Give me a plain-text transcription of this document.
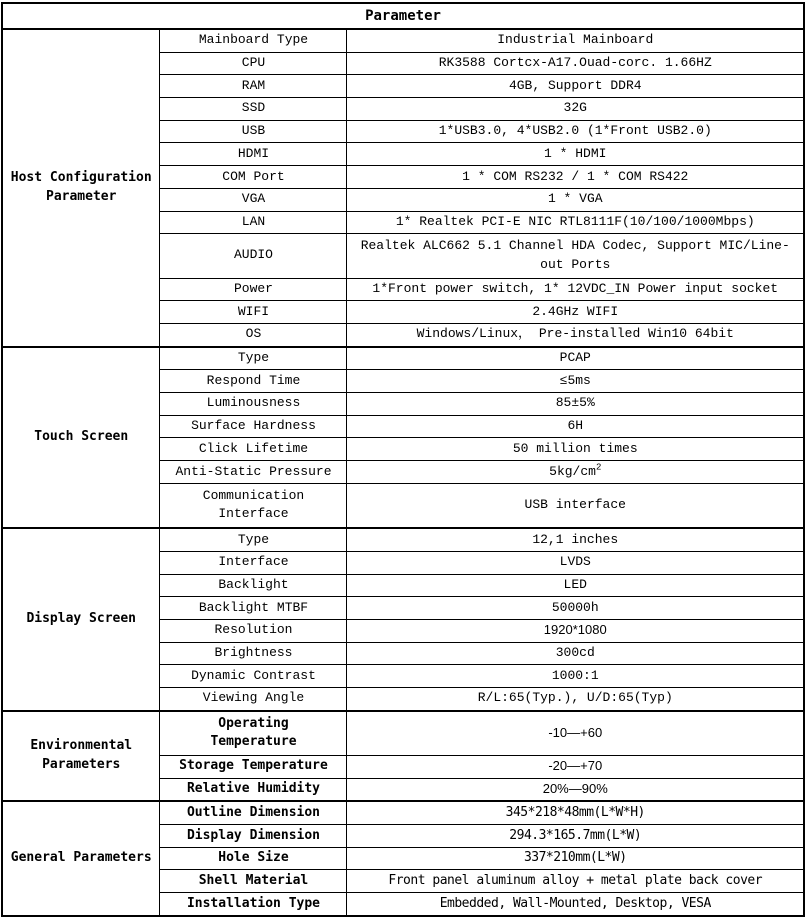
Parameter		
Host Configuration Parameter	Mainboard Type	Industrial Mainboard
	CPU	RK3588 Cortcx-A17.Ouad-corc. 1.66HZ
	RAM	4GB, Support DDR4
	SSD	32G
	USB	1*USB3.0, 4*USB2.0 (1*Front USB2.0)
	HDMI	1 * HDMI
	COM Port	1 * COM RS232 / 1 * COM RS422
	VGA	1 * VGA
	LAN	1* Realtek PCI-E NIC RTL8111F(10/100/1000Mbps)
	AUDIO	Realtek ALC662 5.1 Channel HDA Codec, Support MIC/Line-out Ports
	Power	1*Front power switch, 1* 12VDC_IN Power input socket
	WIFI	2.4GHz WIFI
	OS	Windows/Linux， Pre-installed Win10 64bit
Touch Screen	Type	PCAP
	Respond Time	≤5ms
	Luminousness	85±5%
	Surface Hardness	6H
	Click Lifetime	50 million times
	Anti-Static Pressure	$5kg/cm^2$
	Communication Interface	USB interface
Display Screen	Type	12,1 inches
	Interface	LVDS
	Backlight	LED
	Backlight MTBF	50000h
	Resolution	1920*1080
	Brightness	300cd
	Dynamic Contrast	1000:1
	Viewing Angle	R/L:65(Typ.), U/D:65(Typ)
Environmental Parameters	Operating Temperature	-10—+60
	Storage Temperature	-20—+70
	Relative Humidity	20%—90%
General Parameters	Outline Dimension	345*218*48mm(L*W*H)
	Display Dimension	294.3*165.7mm(L*W)
	Hole Size	337*210mm(L*W)
	Shell Material	Front panel aluminum alloy + metal plate back cover
	Installation Type	Embedded, Wall-Mounted, Desktop, VESA
